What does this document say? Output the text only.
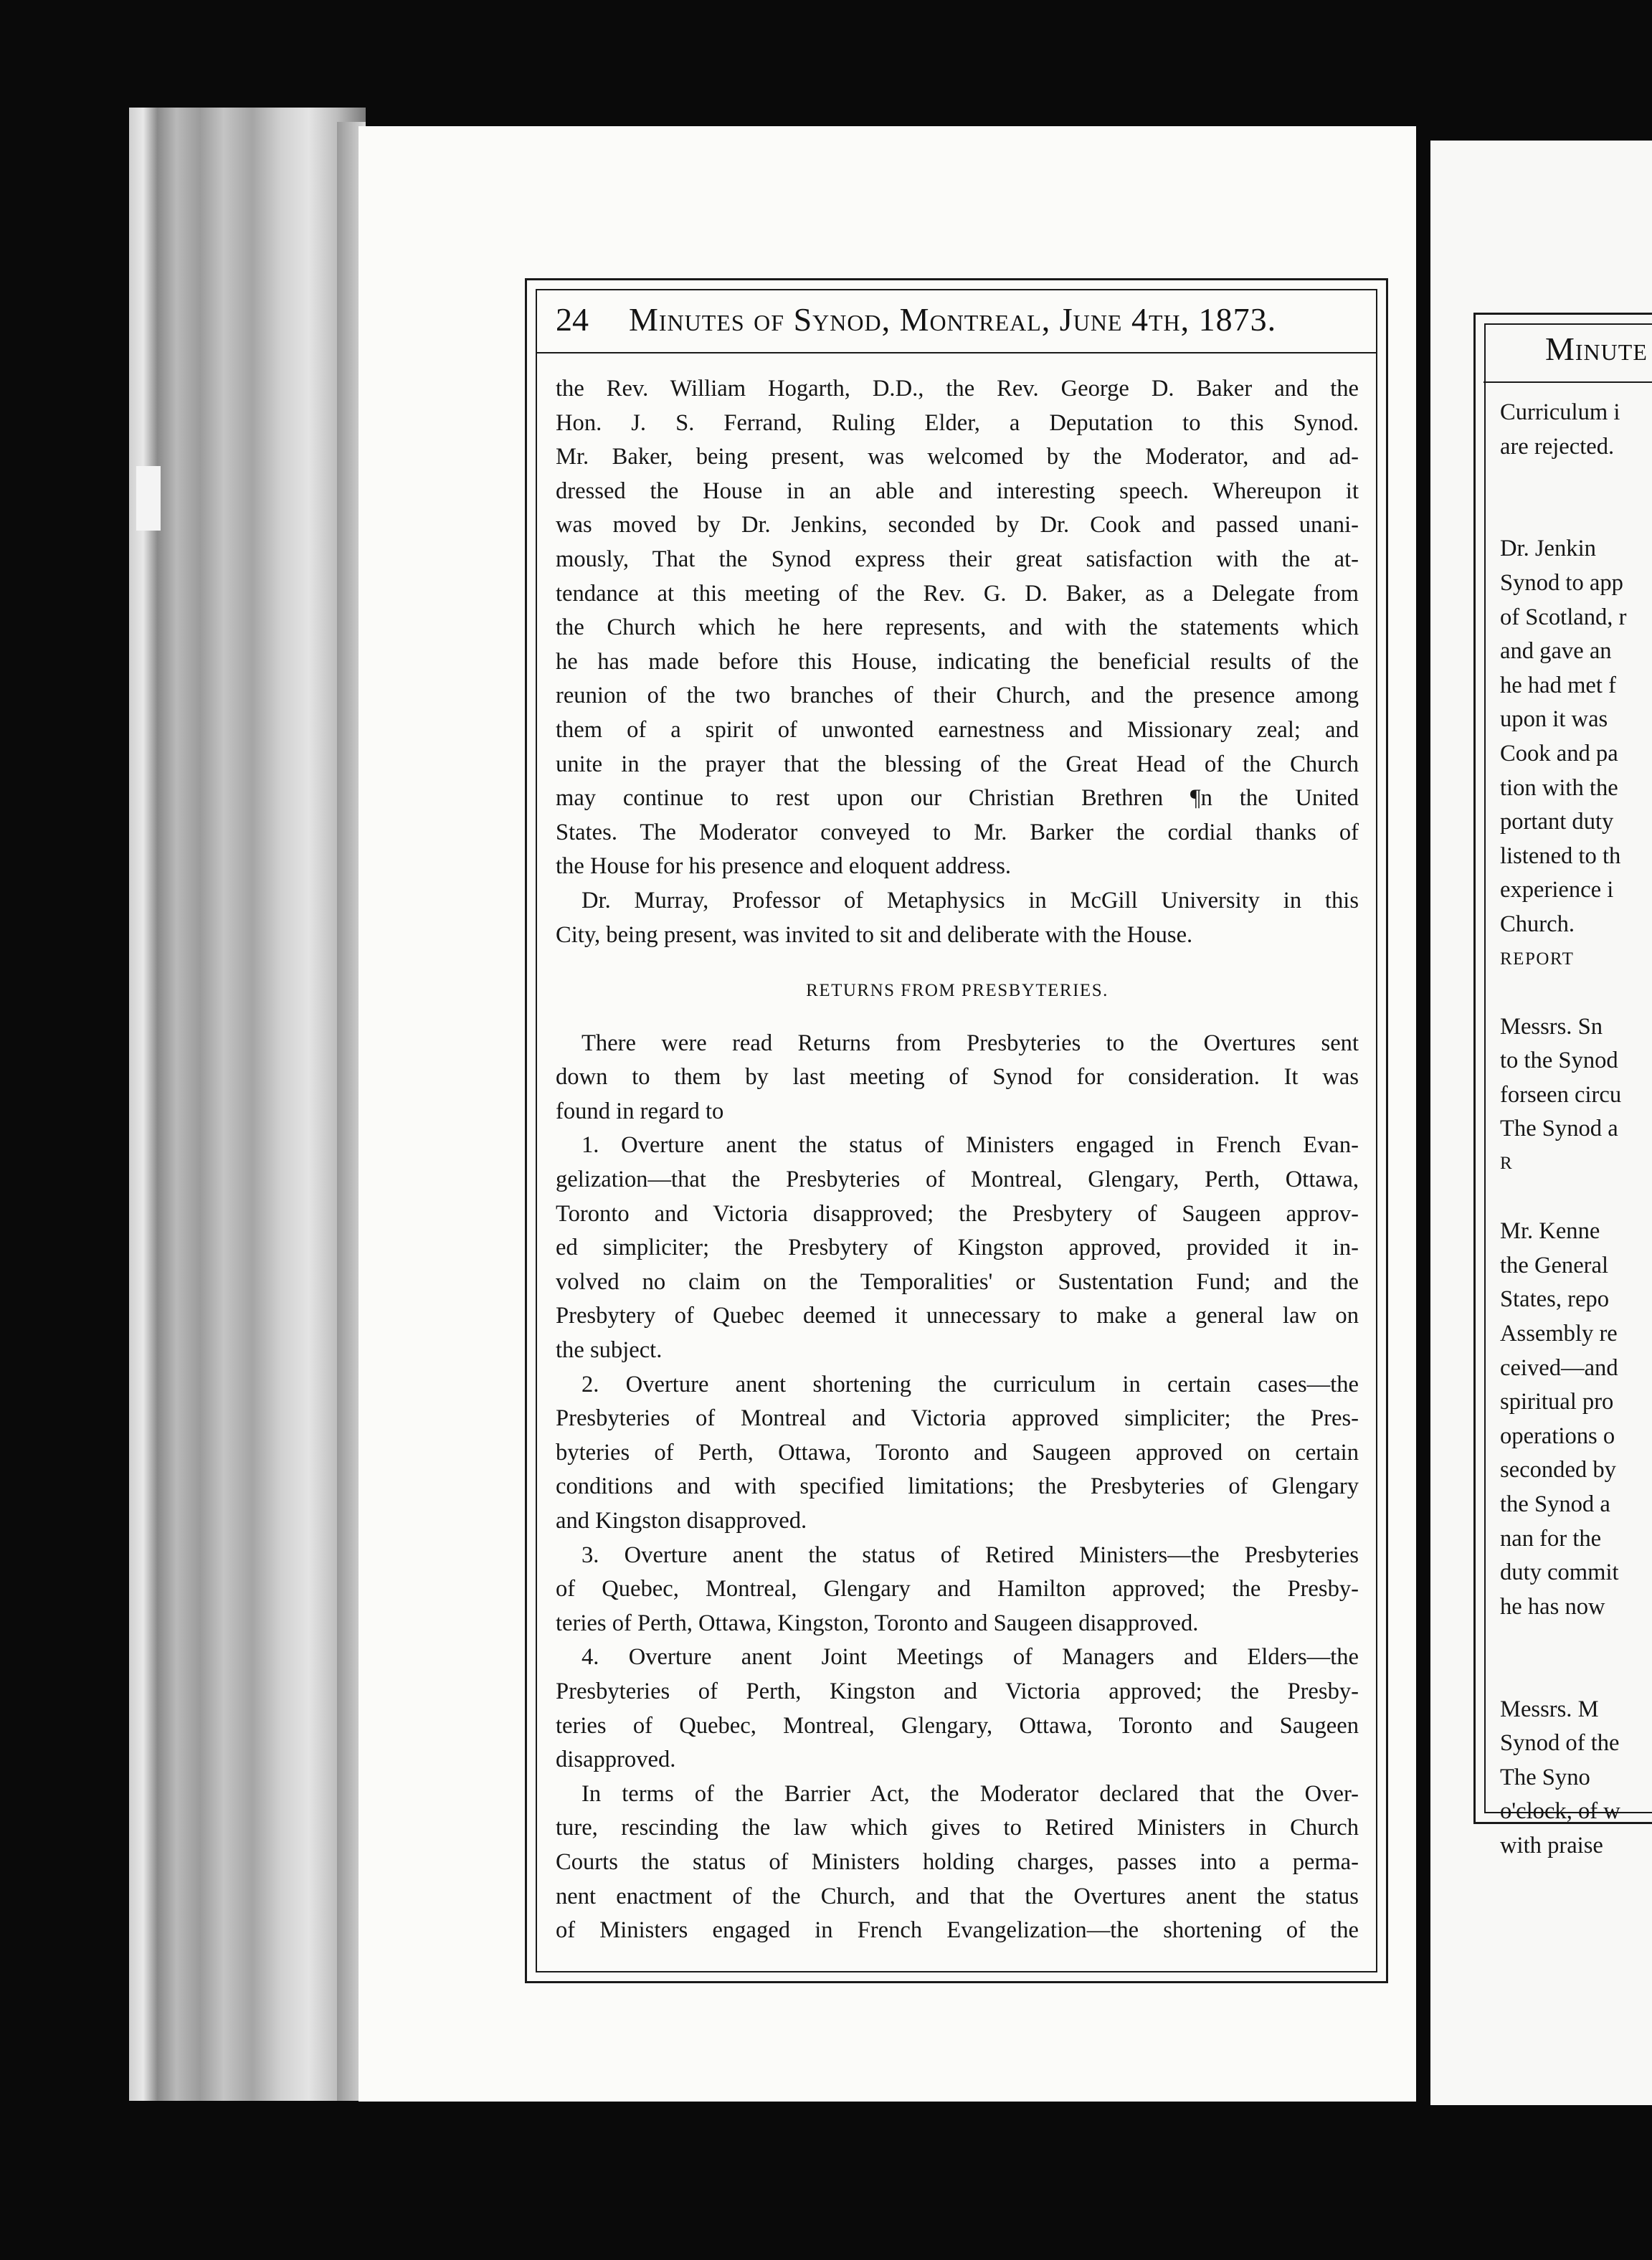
24 Minutes of Synod, Montreal, June 4th, 1873.
the Rev. William Hogarth, D.D., the Rev. George D. Baker and the
Hon. J. S. Ferrand, Ruling Elder, a Deputation to this Synod.
Mr. Baker, being present, was welcomed by the Moderator, and ad-
dressed the House in an able and interesting speech. Whereupon it
was moved by Dr. Jenkins, seconded by Dr. Cook and passed unani-
mously, That the Synod express their great satisfaction with the at-
tendance at this meeting of the Rev. G. D. Baker, as a Delegate from
the Church which he here represents, and with the statements which
he has made before this House, indicating the beneficial results of the
reunion of the two branches of their Church, and the presence among
them of a spirit of unwonted earnestness and Missionary zeal; and
unite in the prayer that the blessing of the Great Head of the Church
may continue to rest upon our Christian Brethren ¶n the United
States. The Moderator conveyed to Mr. Barker the cordial thanks of
the House for his presence and eloquent address.
Dr. Murray, Professor of Metaphysics in McGill University in this
City, being present, was invited to sit and deliberate with the House.
RETURNS FROM PRESBYTERIES.
There were read Returns from Presbyteries to the Overtures sent
down to them by last meeting of Synod for consideration. It was
found in regard to
1. Overture anent the status of Ministers engaged in French Evan-
gelization—that the Presbyteries of Montreal, Glengary, Perth, Ottawa,
Toronto and Victoria disapproved; the Presbytery of Saugeen approv-
ed simpliciter; the Presbytery of Kingston approved, provided it in-
volved no claim on the Temporalities' or Sustentation Fund; and the
Presbytery of Quebec deemed it unnecessary to make a general law on
the subject.
2. Overture anent shortening the curriculum in certain cases—the
Presbyteries of Montreal and Victoria approved simpliciter; the Pres-
byteries of Perth, Ottawa, Toronto and Saugeen approved on certain
conditions and with specified limitations; the Presbyteries of Glengary
and Kingston disapproved.
3. Overture anent the status of Retired Ministers—the Presbyteries
of Quebec, Montreal, Glengary and Hamilton approved; the Presby-
teries of Perth, Ottawa, Kingston, Toronto and Saugeen disapproved.
4. Overture anent Joint Meetings of Managers and Elders—the
Presbyteries of Perth, Kingston and Victoria approved; the Presby-
teries of Quebec, Montreal, Glengary, Ottawa, Toronto and Saugeen
disapproved.
In terms of the Barrier Act, the Moderator declared that the Over-
ture, rescinding the law which gives to Retired Ministers in Church
Courts the status of Ministers holding charges, passes into a perma-
nent enactment of the Church, and that the Overtures anent the status
of Ministers engaged in French Evangelization—the shortening of the
Minute
Curriculum i
are rejected.
Dr. Jenkin
Synod to app
of Scotland, r
and gave an
he had met f
upon it was
Cook and pa
tion with the
portant duty
listened to th
experience i
Church.
REPORT
Messrs. Sn
to the Synod
forseen circu
The Synod a
R
Mr. Kenne
the General
States, repo
Assembly re
ceived—and
spiritual pro
operations o
seconded by
the Synod a
nan for the
duty commit
he has now
Messrs. M
Synod of the
The Syno
o'clock, of w
with praise
